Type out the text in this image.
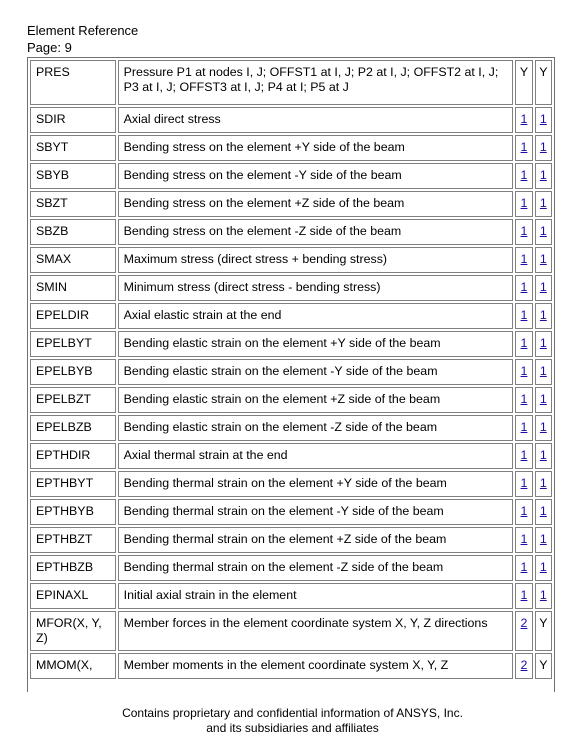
Element Reference
Page: 9
PRES	Pressure P1 at nodes I, J; OFFST1 at I, J; P2 at I, J; OFFST2 at I, J; P3 at I, J; OFFST3 at I, J; P4 at I; P5 at J	Y	Y
SDIR	Axial direct stress	1	1
SBYT	Bending stress on the element +Y side of the beam	1	1
SBYB	Bending stress on the element -Y side of the beam	1	1
SBZT	Bending stress on the element +Z side of the beam	1	1
SBZB	Bending stress on the element -Z side of the beam	1	1
SMAX	Maximum stress (direct stress + bending stress)	1	1
SMIN	Minimum stress (direct stress - bending stress)	1	1
EPELDIR	Axial elastic strain at the end	1	1
EPELBYT	Bending elastic strain on the element +Y side of the beam	1	1
EPELBYB	Bending elastic strain on the element -Y side of the beam	1	1
EPELBZT	Bending elastic strain on the element +Z side of the beam	1	1
EPELBZB	Bending elastic strain on the element -Z side of the beam	1	1
EPTHDIR	Axial thermal strain at the end	1	1
EPTHBYT	Bending thermal strain on the element +Y side of the beam	1	1
EPTHBYB	Bending thermal strain on the element -Y side of the beam	1	1
EPTHBZT	Bending thermal strain on the element +Z side of the beam	1	1
EPTHBZB	Bending thermal strain on the element -Z side of the beam	1	1
EPINAXL	Initial axial strain in the element	1	1
MFOR(X, Y, Z)	Member forces in the element coordinate system X, Y, Z directions	2	Y
MMOM(X,	Member moments in the element coordinate system X, Y, Z	2	Y
Contains proprietary and confidential information of ANSYS, Inc.
and its subsidiaries and affiliates
